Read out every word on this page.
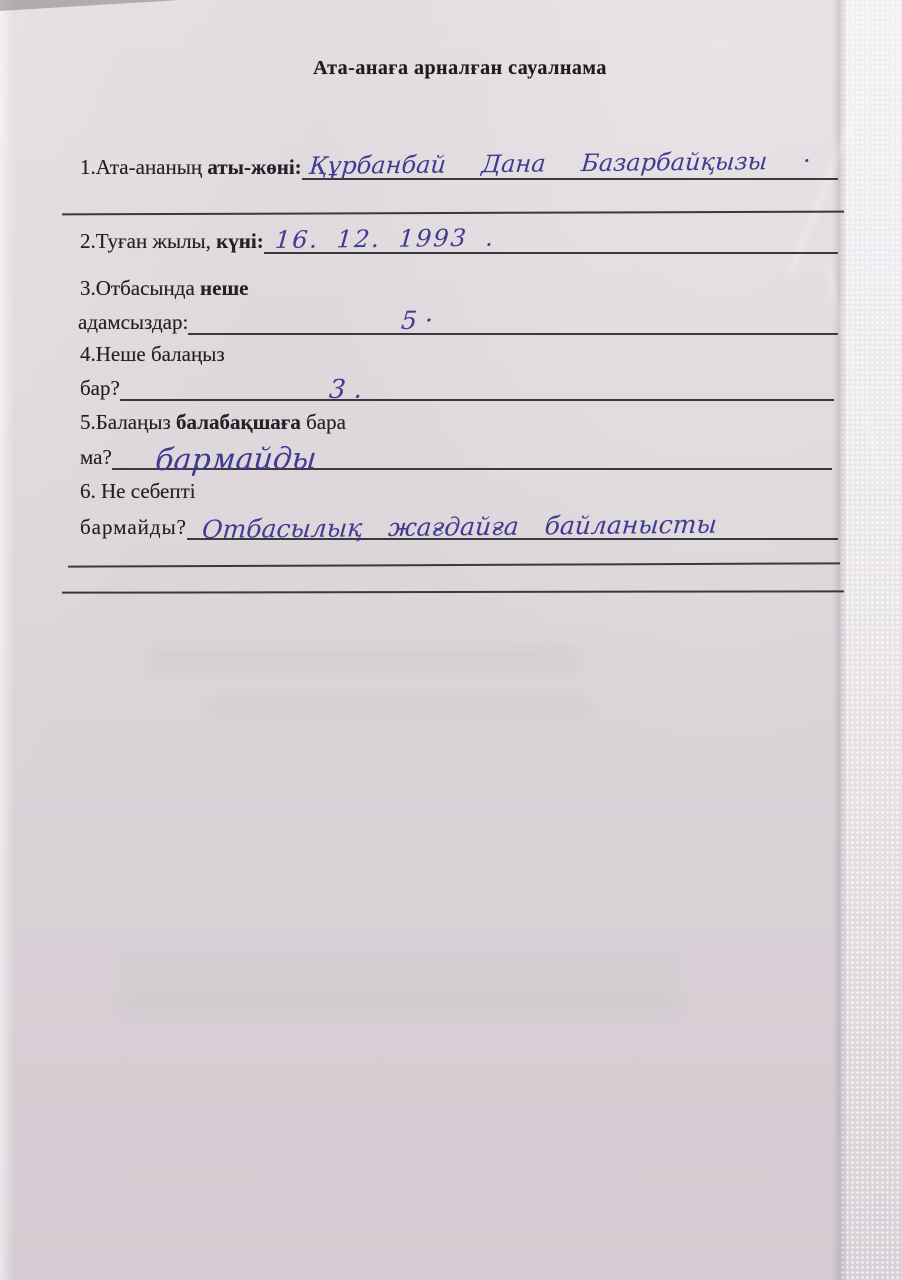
Ата-анаға арналған сауалнама
1.Ата-ананың аты-жөні: Құрбанбай Дана Базарбайқызы ·
2.Туған жылы, күні: 16. 12. 1993 .
3.Отбасында неше
адамсыздар:	5 ·
4.Неше балаңыз
бар?	3 .
5.Балаңыз балабақшаға бара
ма? бармайды
6. Не себепті
бармайды? Отбасылық жағдайға байланысты
